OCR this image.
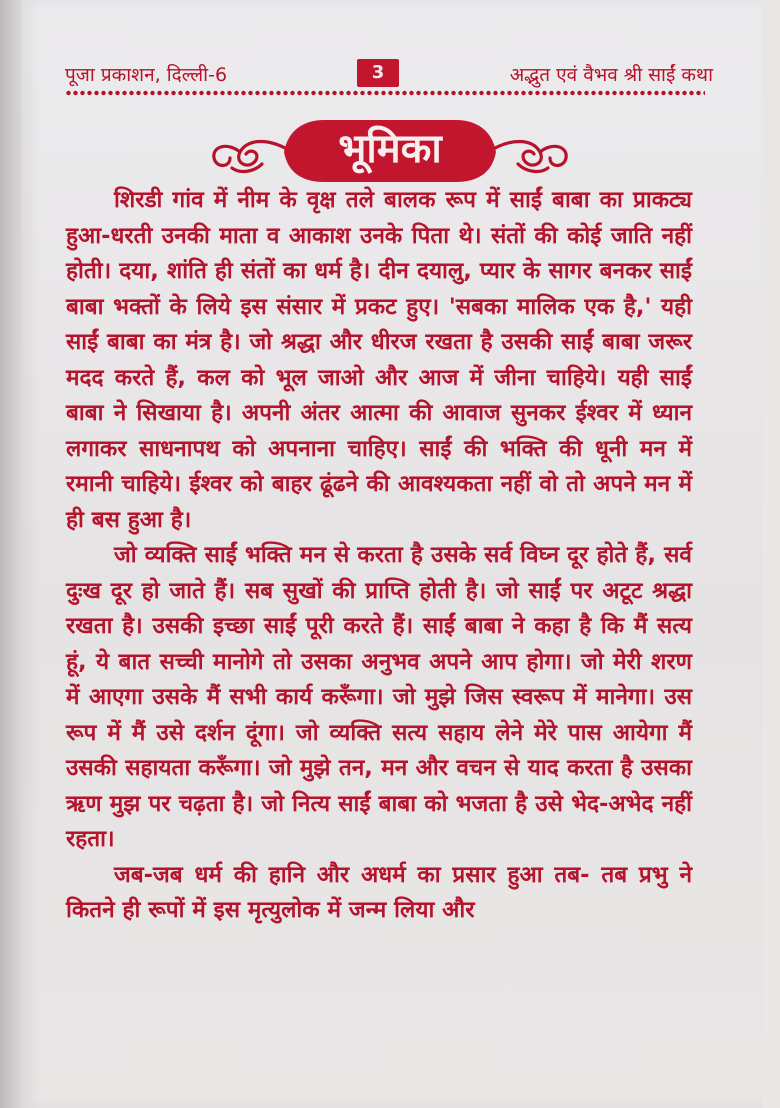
पूजा प्रकाशन, दिल्ली-6	3	अद्भुत एवं वैभव श्री साईं कथा
भूमिका

शिरडी गांव में नीम के वृक्ष तले बालक रूप में साईं बाबा का प्राकट्य हुआ-धरती उनकी माता व आकाश उनके पिता थे। संतों की कोई जाति नहीं होती। दया, शांति ही संतों का धर्म है। दीन दयालु, प्यार के सागर बनकर साईं बाबा भक्तों के लिये इस संसार में प्रकट हुए। 'सबका मालिक एक है,' यही साईं बाबा का मंत्र है। जो श्रद्धा और धीरज रखता है उसकी साईं बाबा जरूर मदद करते हैं, कल को भूल जाओ और आज में जीना चाहिये। यही साईं बाबा ने सिखाया है। अपनी अंतर आत्मा की आवाज सुनकर ईश्वर में ध्यान लगाकर साधनापथ को अपनाना चाहिए। साईं की भक्ति की धूनी मन में रमानी चाहिये। ईश्वर को बाहर ढूंढने की आवश्यकता नहीं वो तो अपने मन में ही बस हुआ है।

जो व्यक्ति साईं भक्ति मन से करता है उसके सर्व विघ्न दूर होते हैं, सर्व दुःख दूर हो जाते हैं। सब सुखों की प्राप्ति होती है। जो साईं पर अटूट श्रद्धा रखता है। उसकी इच्छा साईं पूरी करते हैं। साईं बाबा ने कहा है कि मैं सत्य हूं, ये बात सच्ची मानोगे तो उसका अनुभव अपने आप होगा। जो मेरी शरण में आएगा उसके मैं सभी कार्य करूँगा। जो मुझे जिस स्वरूप में मानेगा। उस रूप में मैं उसे दर्शन दूंगा। जो व्यक्ति सत्य सहाय लेने मेरे पास आयेगा मैं उसकी सहायता करूँगा। जो मुझे तन, मन और वचन से याद करता है उसका ऋण मुझ पर चढ़ता है। जो नित्य साईं बाबा को भजता है उसे भेद-अभेद नहीं रहता।

जब-जब धर्म की हानि और अधर्म का प्रसार हुआ तब- तब प्रभु ने कितने ही रूपों में इस मृत्युलोक में जन्म लिया और
